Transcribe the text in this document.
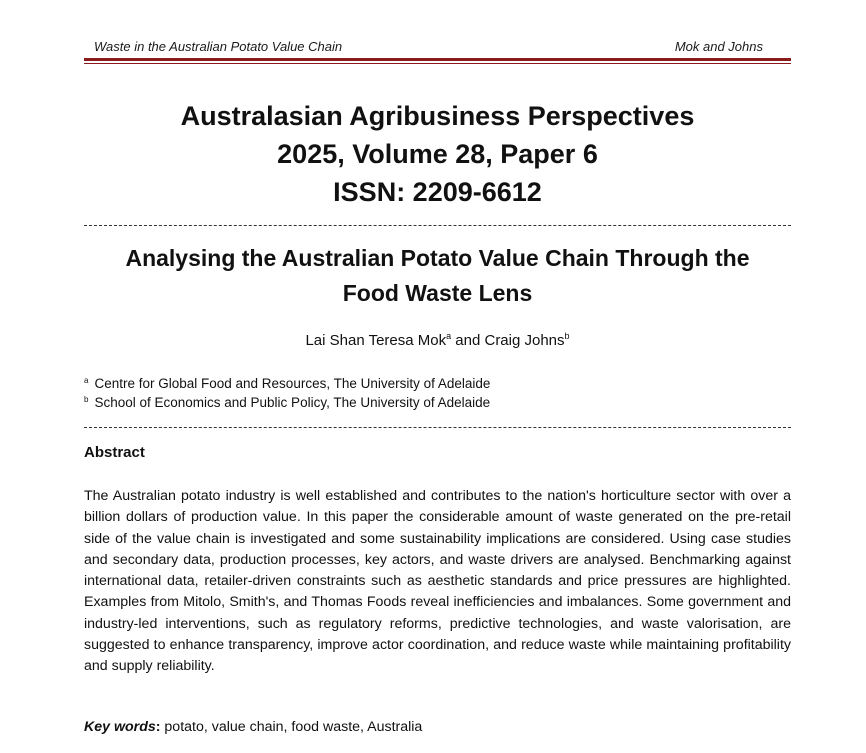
Waste in the Australian Potato Value Chain	Mok and Johns
Australasian Agribusiness Perspectives
2025, Volume 28, Paper 6
ISSN: 2209-6612
Analysing the Australian Potato Value Chain Through the
Food Waste Lens
Lai Shan Teresa Mok$^a$ and Craig Johns$^b$
$^a$ Centre for Global Food and Resources, The University of Adelaide
$^b$ School of Economics and Public Policy, The University of Adelaide
Abstract
The Australian potato industry is well established and contributes to the nation's horticulture sector with over a billion dollars of production value. In this paper the considerable amount of waste generated on the pre-retail side of the value chain is investigated and some sustainability implications are considered. Using case studies and secondary data, production processes, key actors, and waste drivers are analysed. Benchmarking against international data, retailer-driven constraints such as aesthetic standards and price pressures are highlighted. Examples from Mitolo, Smith's, and Thomas Foods reveal inefficiencies and imbalances. Some government and industry-led interventions, such as regulatory reforms, predictive technologies, and waste valorisation, are suggested to enhance transparency, improve actor coordination, and reduce waste while maintaining profitability and supply reliability.
Key words: potato, value chain, food waste, Australia
